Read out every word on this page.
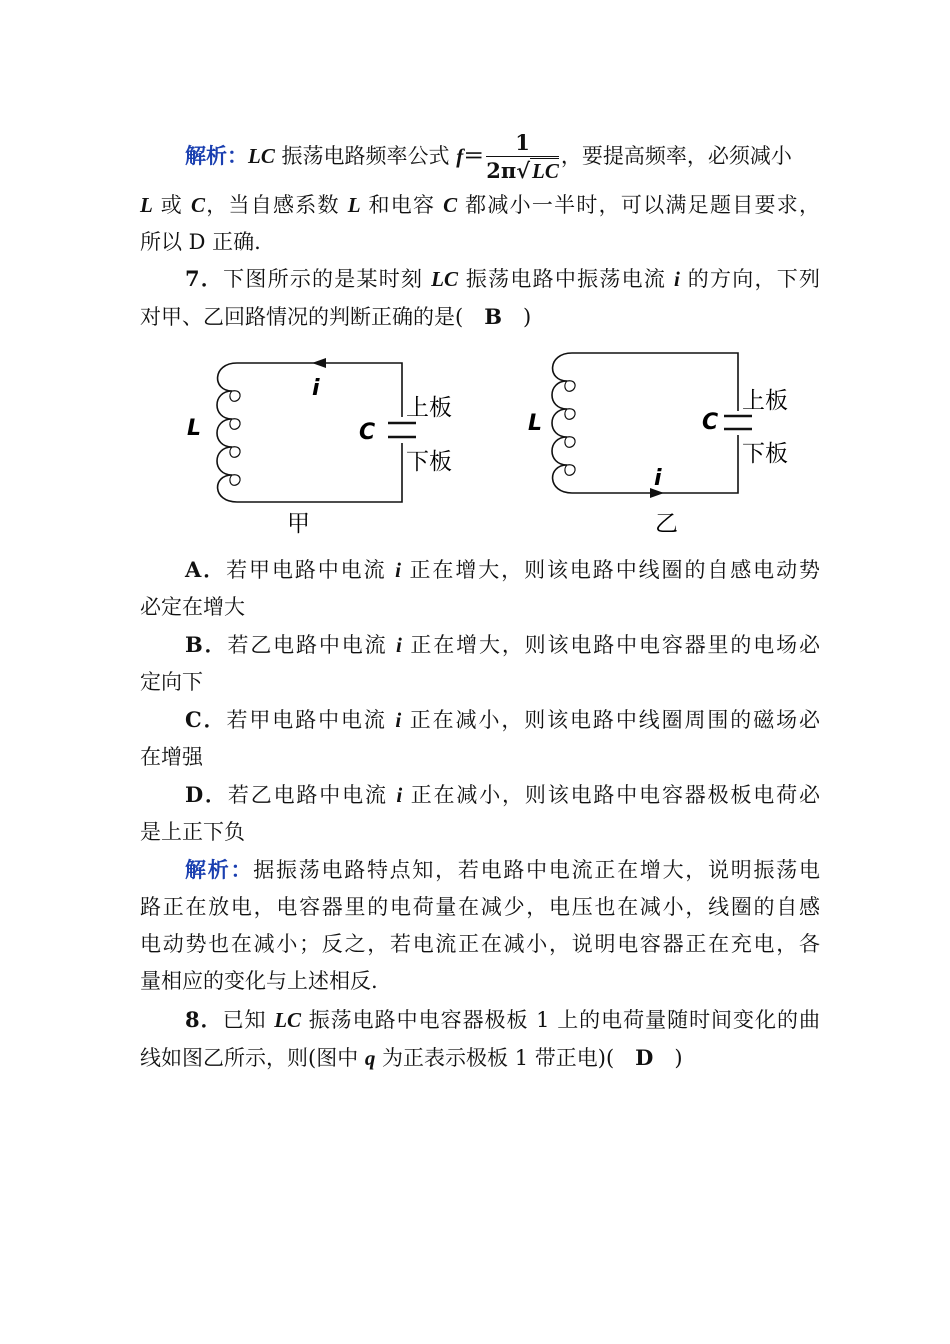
解析：LC 振荡电路频率公式 $f= \frac{1}{2\pi√LC}$ ，要提高频率，必须减小
L 或 C，当自感系数 L 和电容 C 都减小一半时，可以满足题目要求，
所以 D 正确.
7．下图所示的是某时刻 LC 振荡电路中振荡电流 i 的方向，下列
对甲、乙回路情况的判断正确的是(　B　)
i
L	C
上板
下板
甲
i
L	C
上板
下板
乙
A．若甲电路中电流 i 正在增大，则该电路中线圈的自感电动势
必定在增大
B．若乙电路中电流 i 正在增大，则该电路中电容器里的电场必
定向下
C．若甲电路中电流 i 正在减小，则该电路中线圈周围的磁场必
在增强
D．若乙电路中电流 i 正在减小，则该电路中电容器极板电荷必
是上正下负
解析：据振荡电路特点知，若电路中电流正在增大，说明振荡电
路正在放电，电容器里的电荷量在减少，电压也在减小，线圈的自感
电动势也在减小；反之，若电流正在减小，说明电容器正在充电，各
量相应的变化与上述相反.
8．已知 LC 振荡电路中电容器极板 1 上的电荷量随时间变化的曲
线如图乙所示，则(图中 q 为正表示极板 1 带正电)(　D　)
